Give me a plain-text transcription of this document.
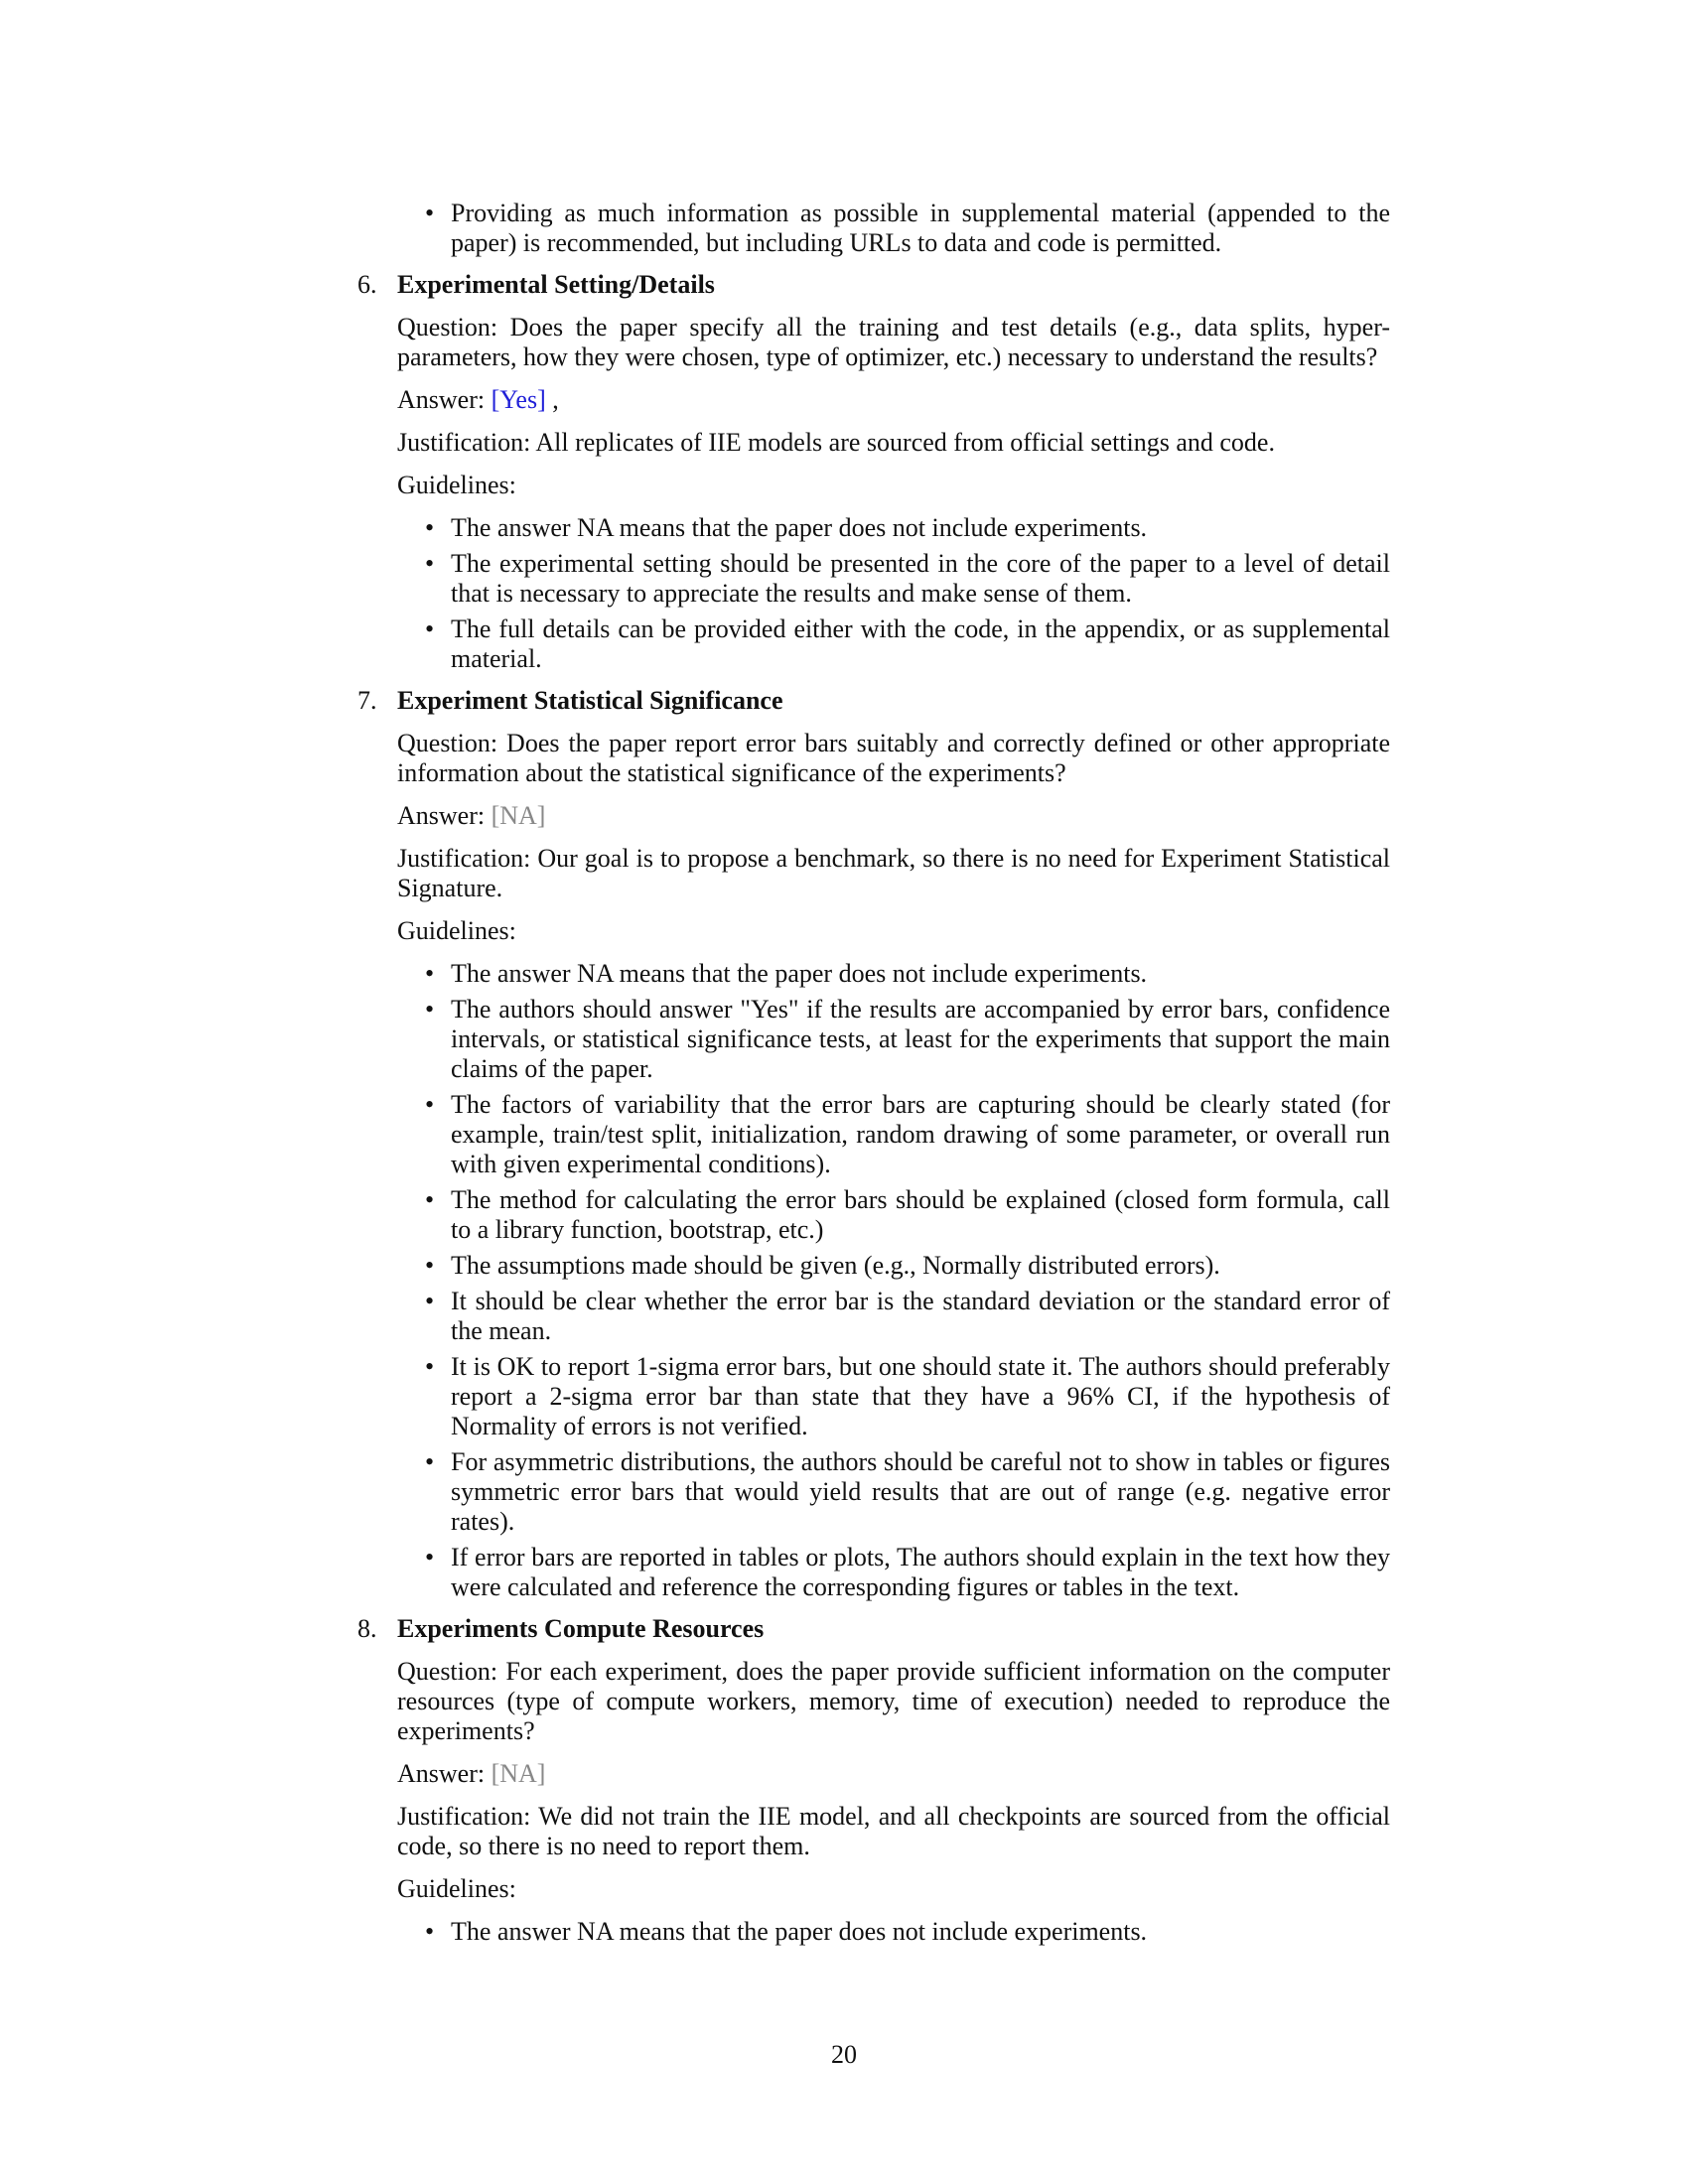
• Providing as much information as possible in supplemental material (appended to the paper) is recommended, but including URLs to data and code is permitted.
6. Experimental Setting/Details
Question: Does the paper specify all the training and test details (e.g., data splits, hyper-parameters, how they were chosen, type of optimizer, etc.) necessary to understand the results?
Answer: [Yes] ,
Justification: All replicates of IIE models are sourced from official settings and code.
Guidelines:
• The answer NA means that the paper does not include experiments.
• The experimental setting should be presented in the core of the paper to a level of detail that is necessary to appreciate the results and make sense of them.
• The full details can be provided either with the code, in the appendix, or as supplemental material.
7. Experiment Statistical Significance
Question: Does the paper report error bars suitably and correctly defined or other appropriate information about the statistical significance of the experiments?
Answer: [NA]
Justification: Our goal is to propose a benchmark, so there is no need for Experiment Statistical Signature.
Guidelines:
• The answer NA means that the paper does not include experiments.
• The authors should answer "Yes" if the results are accompanied by error bars, confidence intervals, or statistical significance tests, at least for the experiments that support the main claims of the paper.
• The factors of variability that the error bars are capturing should be clearly stated (for example, train/test split, initialization, random drawing of some parameter, or overall run with given experimental conditions).
• The method for calculating the error bars should be explained (closed form formula, call to a library function, bootstrap, etc.)
• The assumptions made should be given (e.g., Normally distributed errors).
• It should be clear whether the error bar is the standard deviation or the standard error of the mean.
• It is OK to report 1-sigma error bars, but one should state it. The authors should preferably report a 2-sigma error bar than state that they have a 96% CI, if the hypothesis of Normality of errors is not verified.
• For asymmetric distributions, the authors should be careful not to show in tables or figures symmetric error bars that would yield results that are out of range (e.g. negative error rates).
• If error bars are reported in tables or plots, The authors should explain in the text how they were calculated and reference the corresponding figures or tables in the text.
8. Experiments Compute Resources
Question: For each experiment, does the paper provide sufficient information on the computer resources (type of compute workers, memory, time of execution) needed to reproduce the experiments?
Answer: [NA]
Justification: We did not train the IIE model, and all checkpoints are sourced from the official code, so there is no need to report them.
Guidelines:
• The answer NA means that the paper does not include experiments.
20
